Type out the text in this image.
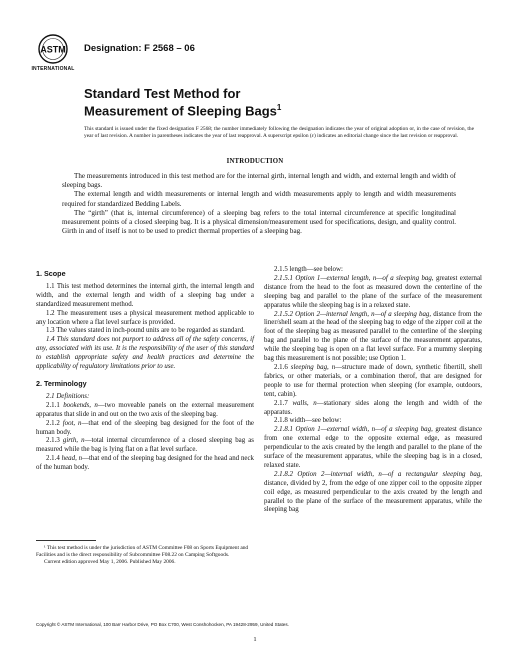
ASTM
INTERNATIONAL
Designation: F 2568 – 06
Standard Test Method for
Measurement of Sleeping Bags$^1$
This standard is issued under the fixed designation F 2568; the number immediately following the designation indicates the year of original adoption or, in the case of revision, the year of last revision. A number in parentheses indicates the year of last reapproval. A superscript epsilon (ε) indicates an editorial change since the last revision or reapproval.
INTRODUCTION

The measurements introduced in this test method are for the internal girth, internal length and width, and external length and width of sleeping bags.

The external length and width measurements or internal length and width measurements apply to length and width measurements required for standardized Bedding Labels.

The “girth” (that is, internal circumference) of a sleeping bag refers to the total internal circumference at specific longitudinal measurement points of a closed sleeping bag. It is a physical dimension/measurement used for specifications, design, and quality control. Girth in and of itself is not to be used to predict thermal properties of a sleeping bag.

1. Scope

1.1 This test method determines the internal girth, the internal length and width, and the external length and width of a sleeping bag under a standardized measurement method.

1.2 The measurement uses a physical measurement method applicable to any location where a flat level surface is provided.

1.3 The values stated in inch-pound units are to be regarded as standard.

1.4 This standard does not purport to address all of the safety concerns, if any, associated with its use. It is the responsibility of the user of this standard to establish appropriate safety and health practices and determine the applicability of regulatory limitations prior to use.

2. Terminology

2.1 Definitions:

2.1.1 bookends, n—two moveable panels on the external measurement apparatus that slide in and out on the two axis of the sleeping bag.

2.1.2 foot, n—that end of the sleeping bag designed for the foot of the human body.

2.1.3 girth, n—total internal circumference of a closed sleeping bag as measured while the bag is lying flat on a flat level surface.

2.1.4 head, n—that end of the sleeping bag designed for the head and neck of the human body.

2.1.5 length—see below:

2.1.5.1 Option 1—external length, n—of a sleeping bag, greatest external distance from the head to the foot as measured down the centerline of the sleeping bag and parallel to the plane of the surface of the measurement apparatus while the sleeping bag is in a relaxed state.

2.1.5.2 Option 2—internal length, n—of a sleeping bag, distance from the liner/shell seam at the head of the sleeping bag to edge of the zipper coil at the foot of the sleeping bag as measured parallel to the centerline of the sleeping bag and parallel to the plane of the surface of the measurement apparatus, while the sleeping bag is open on a flat level surface. For a mummy sleeping bag this measurement is not possible; use Option 1.

2.1.6 sleeping bag, n—structure made of down, synthetic fibertill, shell fabrics, or other materials, or a combination therof, that are designed for people to use for thermal protection when sleeping (for example, outdoors, tent, cabin).

2.1.7 walls, n—stationary sides along the length and width of the apparatus.

2.1.8 width—see below:

2.1.8.1 Option 1—external width, n—of a sleeping bag, greatest distance from one external edge to the opposite external edge, as measured perpendicular to the axis created by the length and parallel to the plane of the surface of the measurement apparatus, while the sleeping bag is in a closed, relaxed state.

2.1.8.2 Option 2—internal width, n—of a rectangular sleeping bag, distance, divided by 2, from the edge of one zipper coil to the opposite zipper coil edge, as measured perpendicular to the axis created by the length and parallel to the plane of the surface of the measurement apparatus, while the sleeping bag

¹ This test method is under the jurisdiction of ASTM Committee F08 on Sports Equipment and Facilities and is the direct responsibility of Subcommittee F08.22 on Camping Softgoods.

Current edition approved May 1, 2006. Published May 2006.

Copyright © ASTM International, 100 Barr Harbor Drive, PO Box C700, West Conshohocken, PA 19428-2959, United States.
1
